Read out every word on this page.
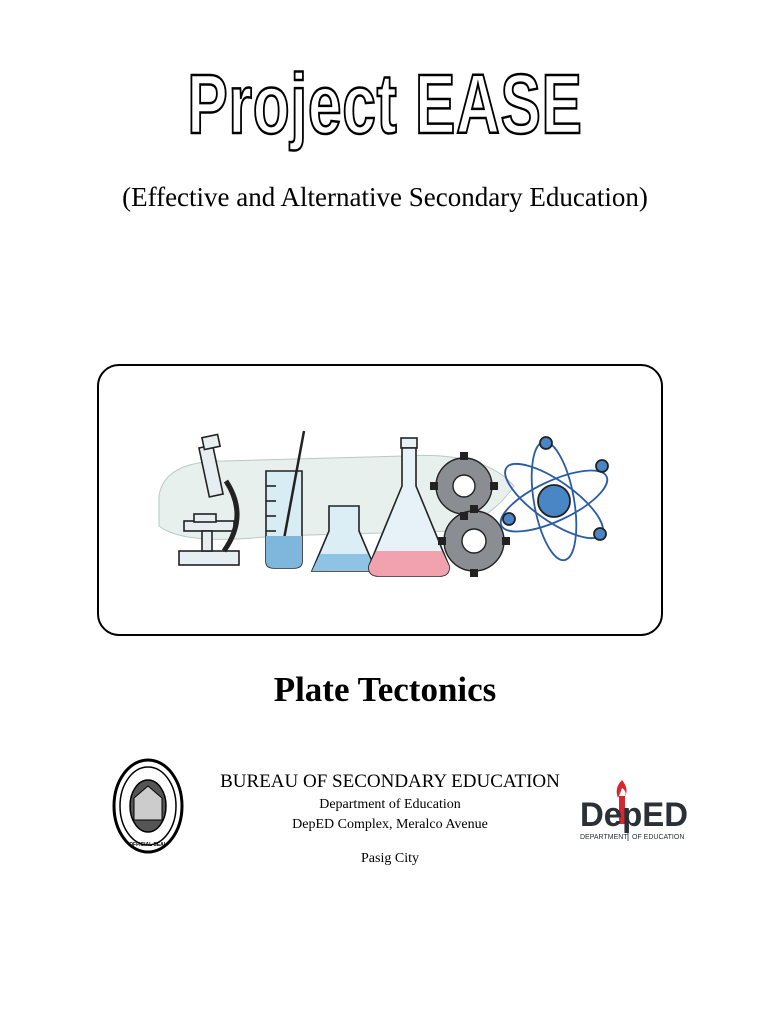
Project EASE
(Effective and Alternative Secondary Education)
Plate Tectonics
OFFICIAL SEAL
BUREAU OF SECONDARY EDUCATION
Department of Education
DepED Complex, Meralco Avenue
Pasig City
DepED
DEPARTMENT OF EDUCATION
